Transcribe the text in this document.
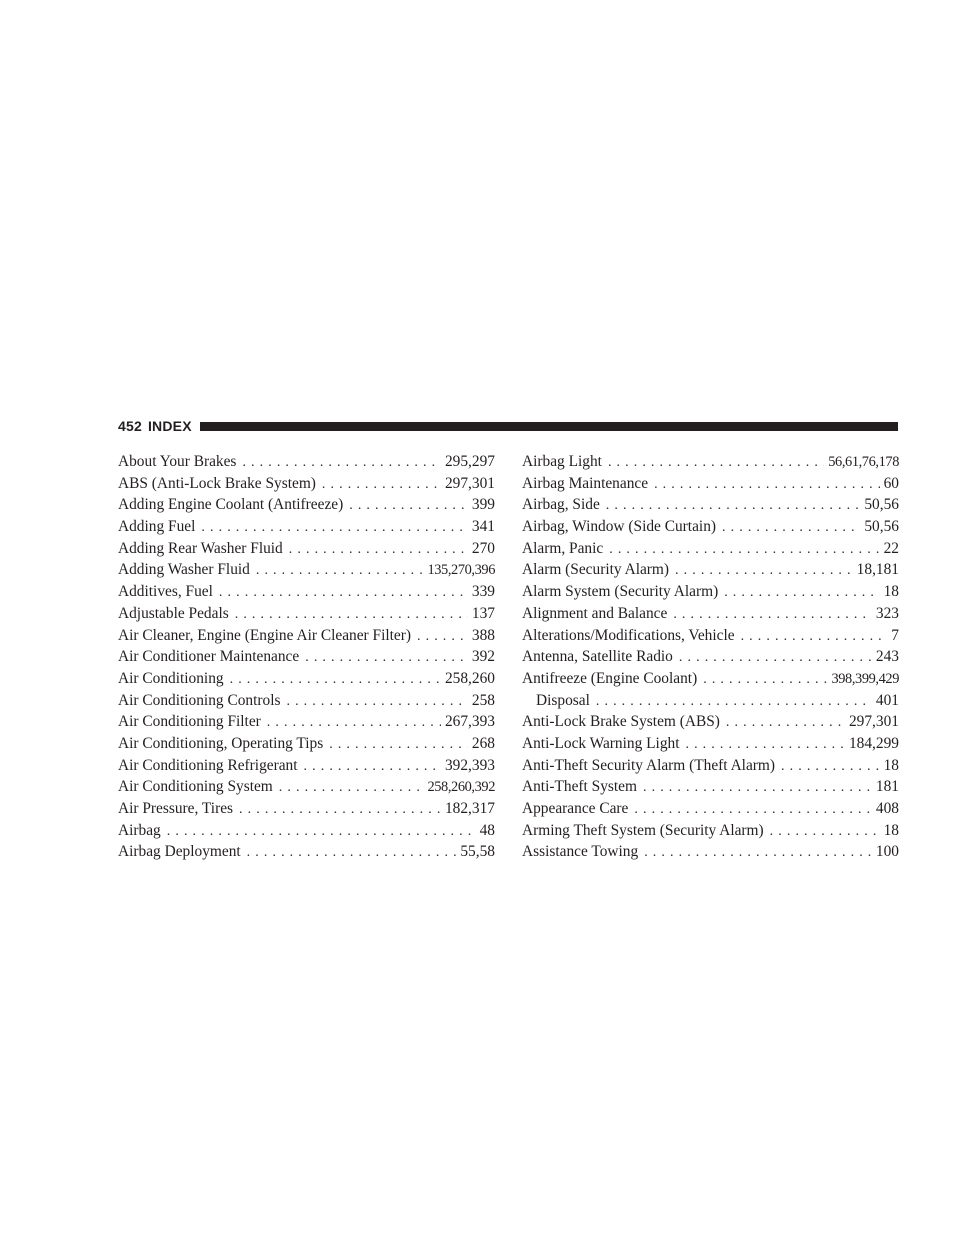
452 INDEX
About Your Brakes . . .	295,297
ABS (Anti-Lock Brake System) . . .	297,301
Adding Engine Coolant (Antifreeze) . . .	399
Adding Fuel . . .	341
Adding Rear Washer Fluid . . .	270
Adding Washer Fluid . . .	135,270,396
Additives, Fuel . . .	339
Adjustable Pedals . . .	137
Air Cleaner, Engine (Engine Air Cleaner Filter) . . .	388
Air Conditioner Maintenance . . .	392
Air Conditioning . . .	258,260
Air Conditioning Controls . . .	258
Air Conditioning Filter . . .	267,393
Air Conditioning, Operating Tips . . .	268
Air Conditioning Refrigerant . . .	392,393
Air Conditioning System . . .	258,260,392
Air Pressure, Tires . . .	182,317
Airbag . . .	48
Airbag Deployment . . .	55,58
Airbag Light . . .	56,61,76,178
Airbag Maintenance . . .	60
Airbag, Side . . .	50,56
Airbag, Window (Side Curtain) . . .	50,56
Alarm, Panic . . .	22
Alarm (Security Alarm) . . .	18,181
Alarm System (Security Alarm) . . .	18
Alignment and Balance . . .	323
Alterations/Modifications, Vehicle . . .	7
Antenna, Satellite Radio . . .	243
Antifreeze (Engine Coolant) . . .	398,399,429
Disposal . . .	401
Anti-Lock Brake System (ABS) . . .	297,301
Anti-Lock Warning Light . . .	184,299
Anti-Theft Security Alarm (Theft Alarm) . . .	18
Anti-Theft System . . .	181
Appearance Care . . .	408
Arming Theft System (Security Alarm) . . .	18
Assistance Towing . . .	100
